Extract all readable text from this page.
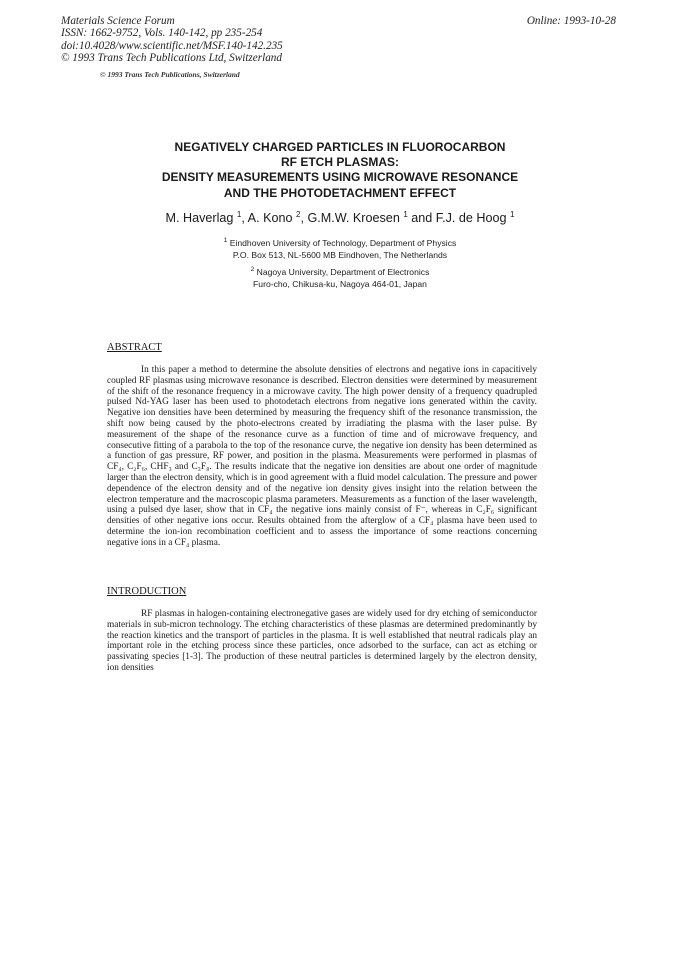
Materials Science Forum
ISSN: 1662-9752, Vols. 140-142, pp 235-254
doi:10.4028/www.scientific.net/MSF.140-142.235
© 1993 Trans Tech Publications Ltd, Switzerland
Online: 1993-10-28
© 1993 Trans Tech Publications, Switzerland
NEGATIVELY CHARGED PARTICLES IN FLUOROCARBON
RF ETCH PLASMAS:
DENSITY MEASUREMENTS USING MICROWAVE RESONANCE
AND THE PHOTODETACHMENT EFFECT
M. Haverlag $^1$, A. Kono $^2$, G.M.W. Kroesen $^1$ and F.J. de Hoog $^1$
$^1$ Eindhoven University of Technology, Department of Physics
P.O. Box 513, NL-5600 MB Eindhoven, The Netherlands
$^2$ Nagoya University, Department of Electronics
Furo-cho, Chikusa-ku, Nagoya 464-01, Japan
ABSTRACT
In this paper a method to determine the absolute densities of electrons and negative ions in capacitively coupled RF plasmas using microwave resonance is described. Electron densities were determined by measurement of the shift of the resonance frequency in a microwave cavity. The high power density of a frequency quadrupled pulsed Nd-YAG laser has been used to photodetach electrons from negative ions generated within the cavity. Negative ion densities have been determined by measuring the frequency shift of the resonance transmission, the shift now being caused by the photo-electrons created by irradiating the plasma with the laser pulse. By measurement of the shape of the resonance curve as a function of time and of microwave frequency, and consecutive fitting of a parabola to the top of the resonance curve, the negative ion density has been determined as a function of gas pressure, RF power, and position in the plasma. Measurements were performed in plasmas of CF₄, C₂F₆, CHF₃ and C₃F₈. The results indicate that the negative ion densities are about one order of magnitude larger than the electron density, which is in good agreement with a fluid model calculation. The pressure and power dependence of the electron density and of the negative ion density gives insight into the relation between the electron temperature and the macroscopic plasma parameters. Measurements as a function of the laser wavelength, using a pulsed dye laser, show that in CF₄ the negative ions mainly consist of F⁻, whereas in C₂F₆ significant densities of other negative ions occur. Results obtained from the afterglow of a CF₄ plasma have been used to determine the ion-ion recombination coefficient and to assess the importance of some reactions concerning negative ions in a CF₄ plasma.
INTRODUCTION
RF plasmas in halogen-containing electronegative gases are widely used for dry etching of semiconductor materials in sub-micron technology. The etching characteristics of these plasmas are determined predominantly by the reaction kinetics and the transport of particles in the plasma. It is well established that neutral radicals play an important role in the etching process since these particles, once adsorbed to the surface, can act as etching or passivating species [1-3]. The production of these neutral particles is determined largely by the electron density, ion densities
